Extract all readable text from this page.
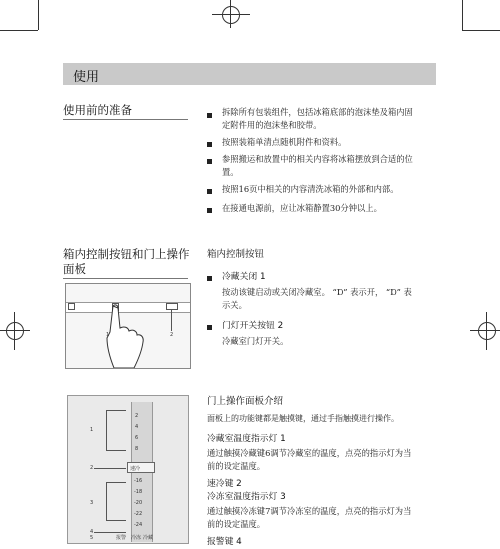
使用
使用前的准备	拆除所有包装组件，包括冰箱底部的泡沫垫及箱内固
定附件用的泡沫垫和胶带。
按照装箱单清点随机附件和资料。
参照搬运和放置中的相关内容将冰箱摆放到合适的位
置。
按照16页中相关的内容清洗冰箱的外部和内部。
在接通电源前，应让冰箱静置30分钟以上。
箱内控制按钮和门上操作
面板
箱内控制按钮
冷藏关闭 1
按动该键启动或关闭冷藏室。 “Ɒ” 表示开， “Ɒ” 表
示关。
门灯开关按钮 2
冷藏室门灯开关。
1	2
门上操作面板介绍
面板上的功能键都是触摸键，通过手指触摸进行操作。
冷藏室温度指示灯 1
通过触摸冷藏键6调节冷藏室的温度，点亮的指示灯为当
前的设定温度。
速冷键 2
冷冻室温度指示灯 3
通过触摸冷冻键7调节冷冻室的温度，点亮的指示灯为当
前的设定温度。
报警键 4
2
4
6
8
速冷
-16
-18
-20
-22
-24
报警 冷冻 冷藏
1
2
3
4
5
